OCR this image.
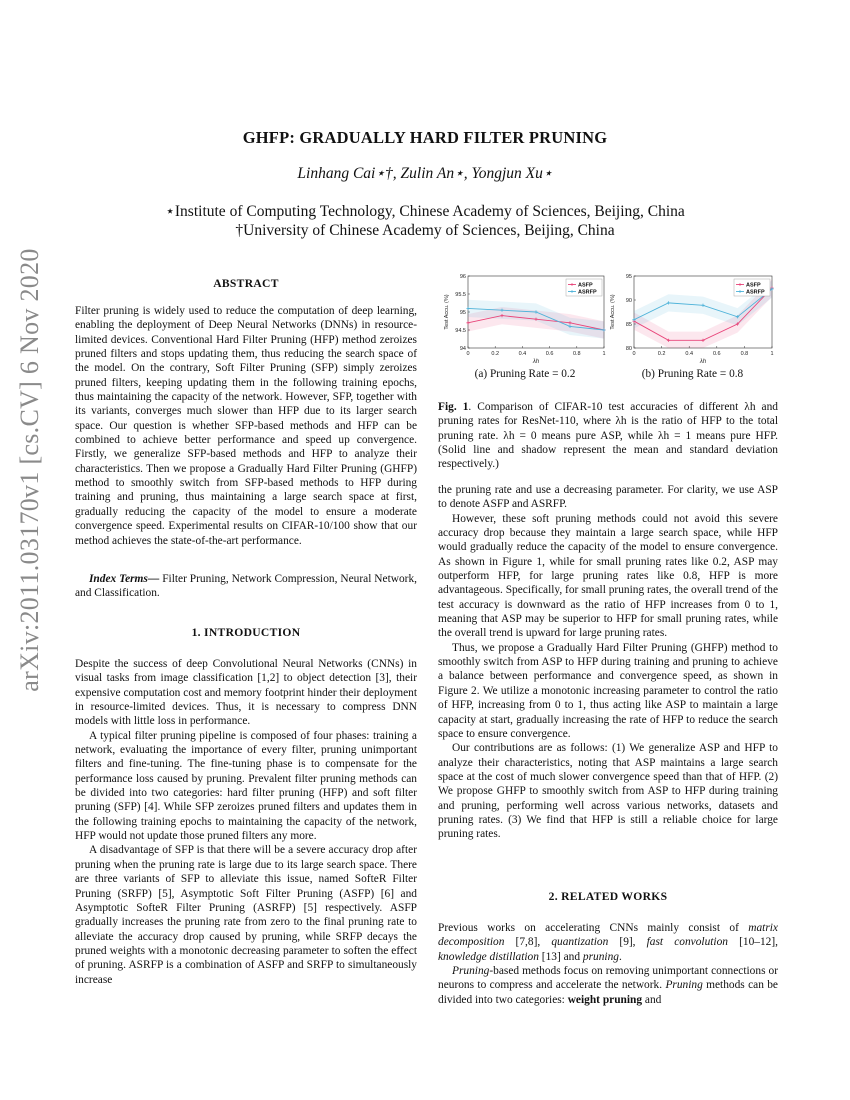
arXiv:2011.03170v1 [cs.CV] 6 Nov 2020
GHFP: GRADUALLY HARD FILTER PRUNING
Linhang Cai⋆†, Zulin An⋆, Yongjun Xu⋆
⋆Institute of Computing Technology, Chinese Academy of Sciences, Beijing, China
†University of Chinese Academy of Sciences, Beijing, China
ABSTRACT

Filter pruning is widely used to reduce the computation of deep learning, enabling the deployment of Deep Neural Networks (DNNs) in resource-limited devices. Conventional Hard Filter Pruning (HFP) method zeroizes pruned filters and stops updating them, thus reducing the search space of the model. On the contrary, Soft Filter Pruning (SFP) simply zeroizes pruned filters, keeping updating them in the following training epochs, thus maintaining the capacity of the network. However, SFP, together with its variants, converges much slower than HFP due to its larger search space. Our question is whether SFP-based methods and HFP can be combined to achieve better performance and speed up convergence. Firstly, we generalize SFP-based methods and HFP to analyze their characteristics. Then we propose a Gradually Hard Filter Pruning (GHFP) method to smoothly switch from SFP-based methods to HFP during training and pruning, thus maintaining a large search space at first, gradually reducing the capacity of the model to ensure a moderate convergence speed. Experimental results on CIFAR-10/100 show that our method achieves the state-of-the-art performance.

Index Terms— Filter Pruning, Network Compression, Neural Network, and Classification.

1. INTRODUCTION

Despite the success of deep Convolutional Neural Networks (CNNs) in visual tasks from image classification [1,2] to object detection [3], their expensive computation cost and memory footprint hinder their deployment in resource-limited devices. Thus, it is necessary to compress DNN models with little loss in performance.

A typical filter pruning pipeline is composed of four phases: training a network, evaluating the importance of every filter, pruning unimportant filters and fine-tuning. The fine-tuning phase is to compensate for the performance loss caused by pruning. Prevalent filter pruning methods can be divided into two categories: hard filter pruning (HFP) and soft filter pruning (SFP) [4]. While SFP zeroizes pruned filters and updates them in the following training epochs to maintaining the capacity of the network, HFP would not update those pruned filters any more.

A disadvantage of SFP is that there will be a severe accuracy drop after pruning when the pruning rate is large due to its large search space. There are three variants of SFP to alleviate this issue, named SofteR Filter Pruning (SRFP) [5], Asymptotic Soft Filter Pruning (ASFP) [6] and Asymptotic SofteR Filter Pruning (ASRFP) [5] respectively. ASFP gradually increases the pruning rate from zero to the final pruning rate to alleviate the accuracy drop caused by pruning, while SRFP decays the pruned weights with a monotonic decreasing parameter to soften the effect of pruning. ASRFP is a combination of ASFP and SRFP to simultaneously increase

94
94.5
95
95.5
96
0	0.2	0.4	0.6	0.8	1
λh
Test Accu. (%)
ASFP
ASRFP
80
85
90
95
0	0.2	0.4	0.6	0.8	1
λh
Test Accu. (%)
ASFP
ASRFP
(a) Pruning Rate = 0.2	(b) Pruning Rate = 0.8

Fig. 1. Comparison of CIFAR-10 test accuracies of different λh and pruning rates for ResNet-110, where λh is the ratio of HFP to the total pruning rate. λh = 0 means pure ASP, while λh = 1 means pure HFP. (Solid line and shadow represent the mean and standard deviation respectively.)

the pruning rate and use a decreasing parameter. For clarity, we use ASP to denote ASFP and ASRFP.

However, these soft pruning methods could not avoid this severe accuracy drop because they maintain a large search space, while HFP would gradually reduce the capacity of the model to ensure convergence. As shown in Figure 1, while for small pruning rates like 0.2, ASP may outperform HFP, for large pruning rates like 0.8, HFP is more advantageous. Specifically, for small pruning rates, the overall trend of the test accuracy is downward as the ratio of HFP increases from 0 to 1, meaning that ASP may be superior to HFP for small pruning rates, while the overall trend is upward for large pruning rates.

Thus, we propose a Gradually Hard Filter Pruning (GHFP) method to smoothly switch from ASP to HFP during training and pruning to achieve a balance between performance and convergence speed, as shown in Figure 2. We utilize a monotonic increasing parameter to control the ratio of HFP, increasing from 0 to 1, thus acting like ASP to maintain a large capacity at start, gradually increasing the rate of HFP to reduce the search space to ensure convergence.

Our contributions are as follows: (1) We generalize ASP and HFP to analyze their characteristics, noting that ASP maintains a large search space at the cost of much slower convergence speed than that of HFP. (2) We propose GHFP to smoothly switch from ASP to HFP during training and pruning, performing well across various networks, datasets and pruning rates. (3) We find that HFP is still a reliable choice for large pruning rates.

2. RELATED WORKS

Previous works on accelerating CNNs mainly consist of matrix decomposition [7,8], quantization [9], fast convolution [10–12], knowledge distillation [13] and pruning.

Pruning-based methods focus on removing unimportant connections or neurons to compress and accelerate the network. Pruning methods can be divided into two categories: weight pruning and
